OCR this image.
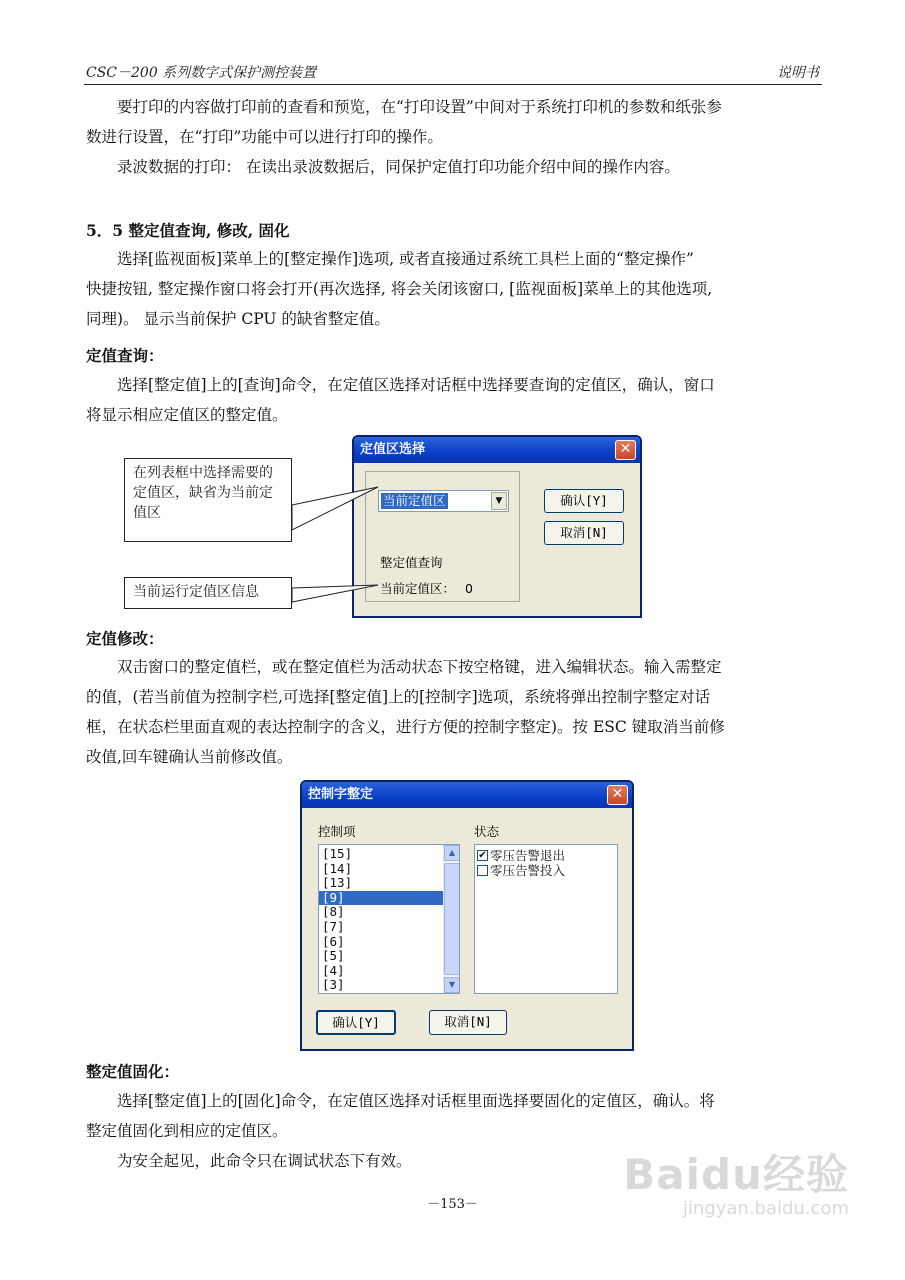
CSC－200 系列数字式保护测控装置	说明书

要打印的内容做打印前的查看和预览，在“打印设置”中间对于系统打印机的参数和纸张参

数进行设置，在“打印”功能中可以进行打印的操作。

录波数据的打印： 在读出录波数据后，同保护定值打印功能介绍中间的操作内容。

5．5 整定值查询, 修改, 固化

选择[监视面板]菜单上的[整定操作]选项, 或者直接通过系统工具栏上面的“整定操作”

快捷按钮, 整定操作窗口将会打开(再次选择, 将会关闭该窗口, [监视面板]菜单上的其他选项,

同理)。 显示当前保护 CPU 的缺省整定值。

定值查询：

选择[整定值]上的[查询]命令，在定值区选择对话框中选择要查询的定值区，确认，窗口

将显示相应定值区的整定值。

定值区选择	✕
当前定值区	▼	确认[Y]
取消[N]
整定值查询
当前定值区： 0
在列表框中选择需要的定值区，缺省为当前定值区
当前运行定值区信息
定值修改：

双击窗口的整定值栏，或在整定值栏为活动状态下按空格键，进入编辑状态。输入需整定

的值，(若当前值为控制字栏,可选择[整定值]上的[控制字]选项，系统将弹出控制字整定对话

框，在状态栏里面直观的表达控制字的含义，进行方便的控制字整定)。按 ESC 键取消当前修

改值,回车键确认当前修改值。

控制字整定	✕
控制项	状态
[15]
[14]
[13]
[9]
[8]
[7]
[6]
[5]
[4]
[3]
▲
▼
✔ 零压告警退出
零压告警投入
确认[Y]	取消[N]
整定值固化：

选择[整定值]上的[固化]命令，在定值区选择对话框里面选择要固化的定值区，确认。将

整定值固化到相应的定值区。

为安全起见，此命令只在调试状态下有效。

－153－
Baidu经验
jingyan.baidu.com
